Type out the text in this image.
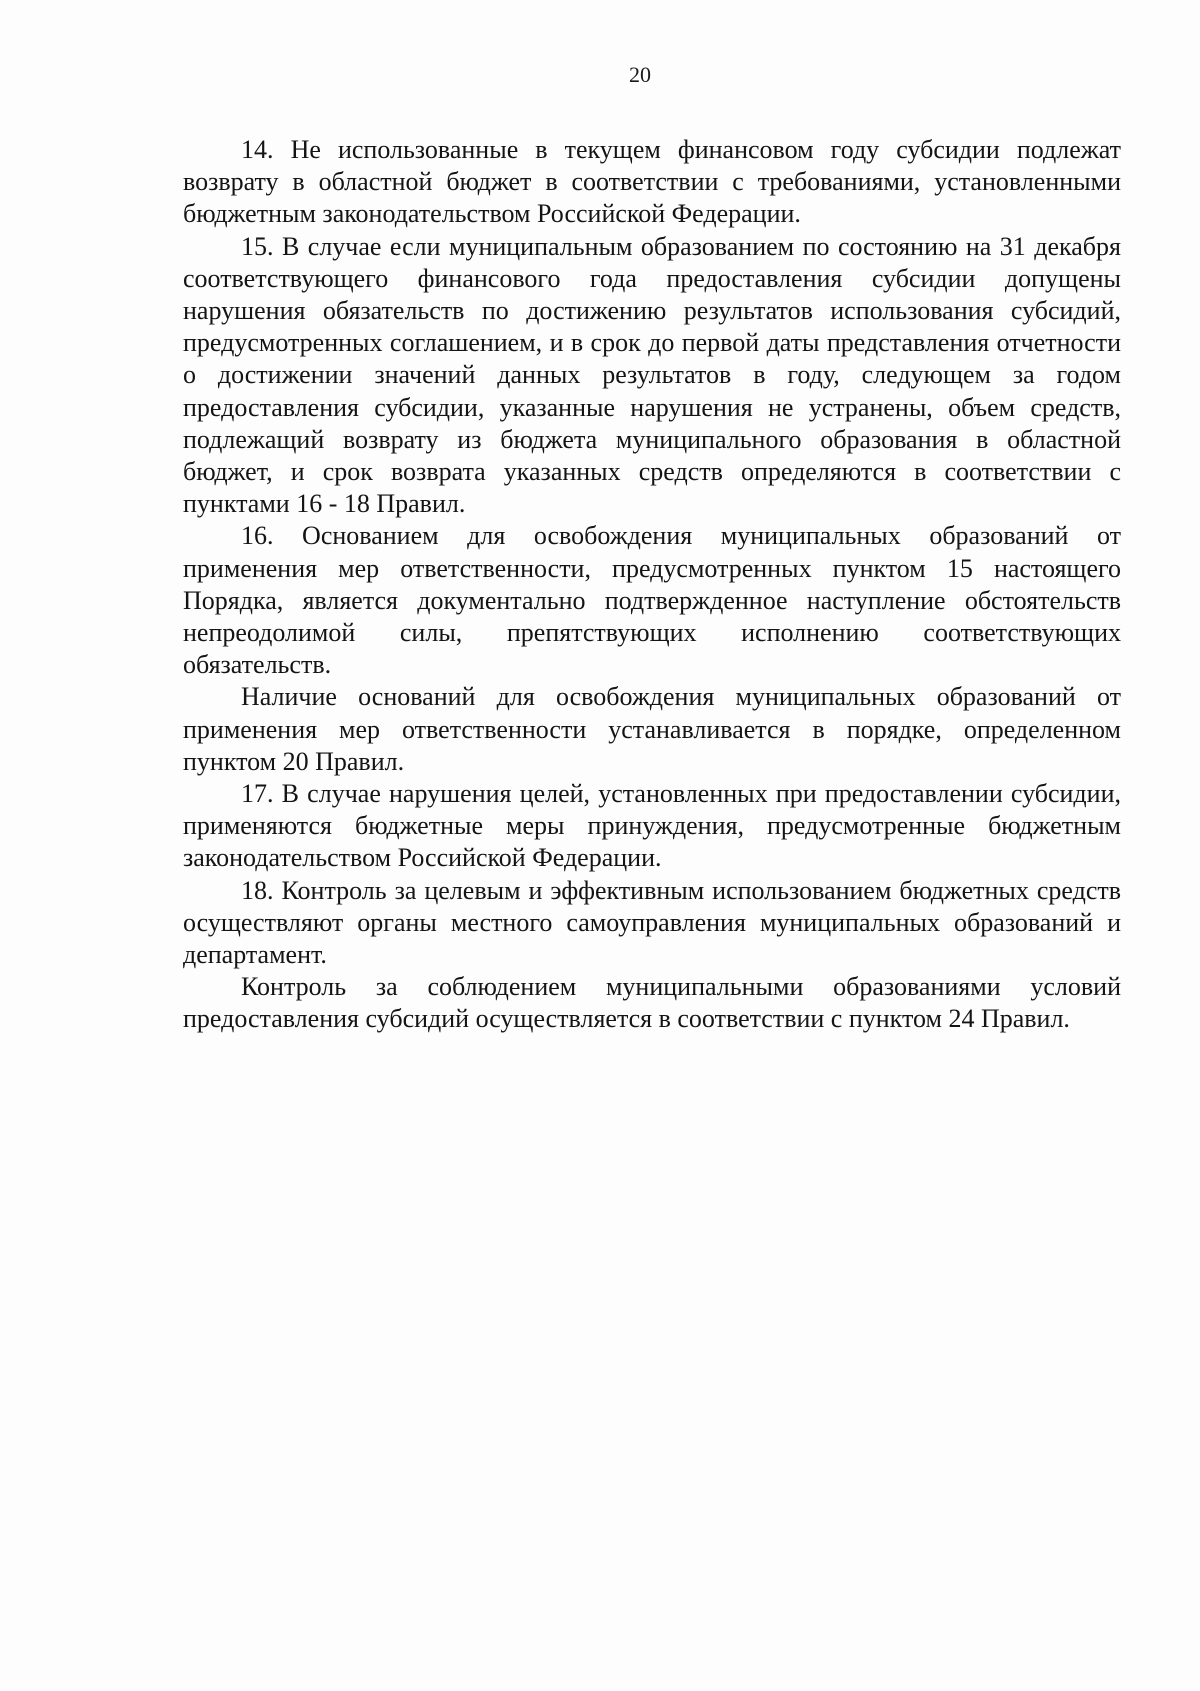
20

14. Не использованные в текущем финансовом году субсидии подлежат возврату в областной бюджет в соответствии с требованиями, установленными бюджетным законодательством Российской Федерации.

15. В случае если муниципальным образованием по состоянию на 31 декабря соответствующего финансового года предоставления субсидии допущены нарушения обязательств по достижению результатов использования субсидий, предусмотренных соглашением, и в срок до первой даты представления отчетности о достижении значений данных результатов в году, следующем за годом предоставления субсидии, указанные нарушения не устранены, объем средств, подлежащий возврату из бюджета муниципального образования в областной бюджет, и срок возврата указанных средств определяются в соответствии с пунктами 16 - 18 Правил.

16. Основанием для освобождения муниципальных образований от применения мер ответственности, предусмотренных пунктом 15 настоящего Порядка, является документально подтвержденное наступление обстоятельств непреодолимой силы, препятствующих исполнению соответствующих обязательств.

Наличие оснований для освобождения муниципальных образований от применения мер ответственности устанавливается в порядке, определенном пунктом 20 Правил.

17. В случае нарушения целей, установленных при предоставлении субсидии, применяются бюджетные меры принуждения, предусмотренные бюджетным законодательством Российской Федерации.

18. Контроль за целевым и эффективным использованием бюджетных средств осуществляют органы местного самоуправления муниципальных образований и департамент.

Контроль за соблюдением муниципальными образованиями условий предоставления субсидий осуществляется в соответствии с пунктом 24 Правил.
